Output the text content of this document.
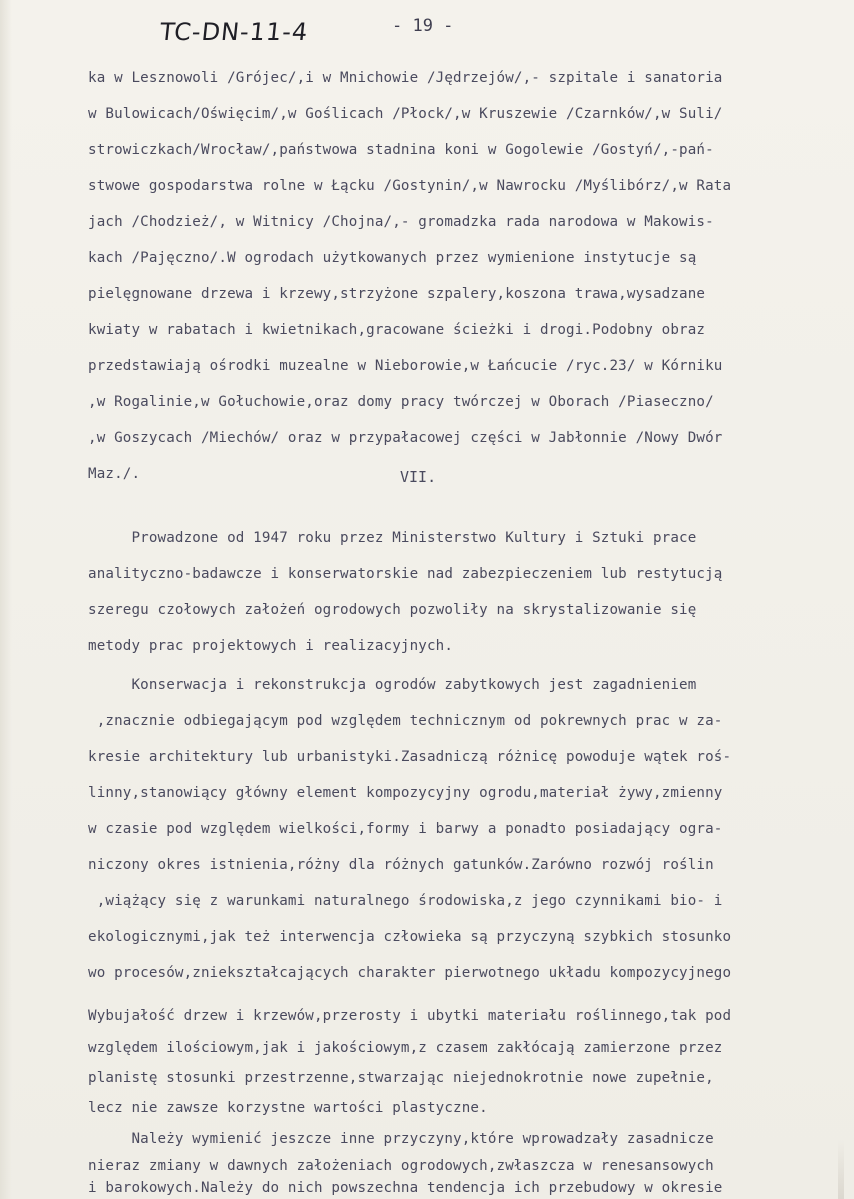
TC-DN-11-4	- 19 -
ka w Lesznowoli /Grójec/,i w Mnichowie /Jędrzejów/,- szpitale i sanatoria
w Bulowicach/Oświęcim/,w Goślicach /Płock/,w Kruszewie /Czarnków/,w Suli/
strowiczkach/Wrocław/,państwowa stadnina koni w Gogolewie /Gostyń/,-pań-
stwowe gospodarstwa rolne w Łącku /Gostynin/,w Nawrocku /Myślibórz/,w Rata
jach /Chodzież/, w Witnicy /Chojna/,- gromadzka rada narodowa w Makowis-
kach /Pajęczno/.W ogrodach użytkowanych przez wymienione instytucje są
pielęgnowane drzewa i krzewy,strzyżone szpalery,koszona trawa,wysadzane
kwiaty w rabatach i kwietnikach,gracowane ścieżki i drogi.Podobny obraz
przedstawiają ośrodki muzealne w Nieborowie,w Łańcucie /ryc.23/ w Kórniku
,w Rogalinie,w Gołuchowie,oraz domy pracy twórczej w Oborach /Piaseczno/
,w Goszycach /Miechów/ oraz w przypałacowej części w Jabłonnie /Nowy Dwór
Maz./.	VII.
Prowadzone od 1947 roku przez Ministerstwo Kultury i Sztuki prace
analityczno-badawcze i konserwatorskie nad zabezpieczeniem lub restytucją
szeregu czołowych założeń ogrodowych pozwoliły na skrystalizowanie się
metody prac projektowych i realizacyjnych.
Konserwacja i rekonstrukcja ogrodów zabytkowych jest zagadnieniem
,znacznie odbiegającym pod względem technicznym od pokrewnych prac w za-
kresie architektury lub urbanistyki.Zasadniczą różnicę powoduje wątek roś-
linny,stanowiący główny element kompozycyjny ogrodu,materiał żywy,zmienny
w czasie pod względem wielkości,formy i barwy a ponadto posiadający ogra-
niczony okres istnienia,różny dla różnych gatunków.Zarówno rozwój roślin
,wiążący się z warunkami naturalnego środowiska,z jego czynnikami bio- i
ekologicznymi,jak też interwencja człowieka są przyczyną szybkich stosunko
wo procesów,zniekształcających charakter pierwotnego układu kompozycyjnego
Wybujałość drzew i krzewów,przerosty i ubytki materiału roślinnego,tak pod
względem ilościowym,jak i jakościowym,z czasem zakłócają zamierzone przez
planistę stosunki przestrzenne,stwarzając niejednokrotnie nowe zupełnie,
lecz nie zawsze korzystne wartości plastyczne.
Należy wymienić jeszcze inne przyczyny,które wprowadzały zasadnicze
nieraz zmiany w dawnych założeniach ogrodowych,zwłaszcza w renesansowych
i barokowych.Należy do nich powszechna tendencja ich przebudowy w okresie
